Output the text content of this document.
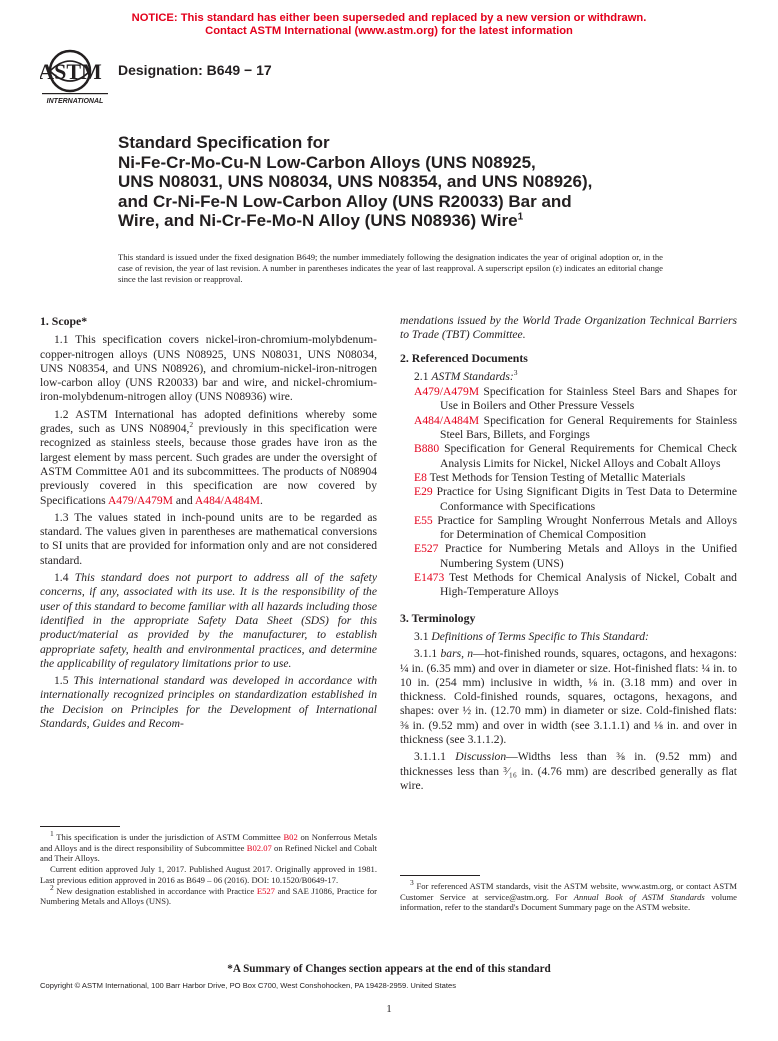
NOTICE: This standard has either been superseded and replaced by a new version or withdrawn.
Contact ASTM International (www.astm.org) for the latest information
ASTM
INTERNATIONAL
Designation: B649 − 17
Standard Specification for
Ni-Fe-Cr-Mo-Cu-N Low-Carbon Alloys (UNS N08925,
UNS N08031, UNS N08034, UNS N08354, and UNS N08926),
and Cr-Ni-Fe-N Low-Carbon Alloy (UNS R20033) Bar and
Wire, and Ni-Cr-Fe-Mo-N Alloy (UNS N08936) Wire$^1$
This standard is issued under the fixed designation B649; the number immediately following the designation indicates the year of original adoption or, in the case of revision, the year of last revision. A number in parentheses indicates the year of last reapproval. A superscript epsilon (ε) indicates an editorial change since the last revision or reapproval.
1. Scope*

1.1 This specification covers nickel-iron-chromium-molybdenum-copper-nitrogen alloys (UNS N08925, UNS N08031, UNS N08034, UNS N08354, and UNS N08926), and chromium-nickel-iron-nitrogen low-carbon alloy (UNS R20033) bar and wire, and nickel-chromium-iron-molybdenum-nitrogen alloy (UNS N08936) wire.

1.2 ASTM International has adopted definitions whereby some grades, such as UNS N08904,$^2$ previously in this specification were recognized as stainless steels, because those grades have iron as the largest element by mass percent. Such grades are under the oversight of ASTM Committee A01 and its subcommittees. The products of N08904 previously covered in this specification are now covered by Specifications A479/A479M and A484/A484M.

1.3 The values stated in inch-pound units are to be regarded as standard. The values given in parentheses are mathematical conversions to SI units that are provided for information only and are not considered standard.

1.4 This standard does not purport to address all of the safety concerns, if any, associated with its use. It is the responsibility of the user of this standard to become familiar with all hazards including those identified in the appropriate Safety Data Sheet (SDS) for this product/material as provided by the manufacturer, to establish appropriate safety, health and environmental practices, and determine the applicability of regulatory limitations prior to use.

1.5 This international standard was developed in accordance with internationally recognized principles on standardization established in the Decision on Principles for the Development of International Standards, Guides and Recom-

$^1$ This specification is under the jurisdiction of ASTM Committee B02 on Nonferrous Metals and Alloys and is the direct responsibility of Subcommittee B02.07 on Refined Nickel and Cobalt and Their Alloys.

Current edition approved July 1, 2017. Published August 2017. Originally approved in 1981. Last previous edition approved in 2016 as B649 – 06 (2016). DOI: 10.1520/B0649-17.

$^2$ New designation established in accordance with Practice E527 and SAE J1086, Practice for Numbering Metals and Alloys (UNS).

mendations issued by the World Trade Organization Technical Barriers to Trade (TBT) Committee.

2. Referenced Documents

2.1 ASTM Standards:$^3$

A479/A479M Specification for Stainless Steel Bars and Shapes for Use in Boilers and Other Pressure Vessels
A484/A484M Specification for General Requirements for Stainless Steel Bars, Billets, and Forgings
B880 Specification for General Requirements for Chemical Check Analysis Limits for Nickel, Nickel Alloys and Cobalt Alloys
E8 Test Methods for Tension Testing of Metallic Materials
E29 Practice for Using Significant Digits in Test Data to Determine Conformance with Specifications
E55 Practice for Sampling Wrought Nonferrous Metals and Alloys for Determination of Chemical Composition
E527 Practice for Numbering Metals and Alloys in the Unified Numbering System (UNS)
E1473 Test Methods for Chemical Analysis of Nickel, Cobalt and High-Temperature Alloys
3. Terminology

3.1 Definitions of Terms Specific to This Standard:

3.1.1 bars, n—hot-finished rounds, squares, octagons, and hexagons: ¼ in. (6.35 mm) and over in diameter or size. Hot-finished flats: ¼ in. to 10 in. (254 mm) inclusive in width, ⅛ in. (3.18 mm) and over in thickness. Cold-finished rounds, squares, octagons, hexagons, and shapes: over ½ in. (12.70 mm) in diameter or size. Cold-finished flats: ⅜ in. (9.52 mm) and over in width (see 3.1.1.1) and ⅛ in. and over in thickness (see 3.1.1.2).

3.1.1.1 Discussion—Widths less than ⅜ in. (9.52 mm) and thicknesses less than ³⁄₁₆ in. (4.76 mm) are described generally as flat wire.

$^3$ For referenced ASTM standards, visit the ASTM website, www.astm.org, or contact ASTM Customer Service at service@astm.org. For Annual Book of ASTM Standards volume information, refer to the standard's Document Summary page on the ASTM website.

*A Summary of Changes section appears at the end of this standard
Copyright © ASTM International, 100 Barr Harbor Drive, PO Box C700, West Conshohocken, PA 19428-2959. United States
1
